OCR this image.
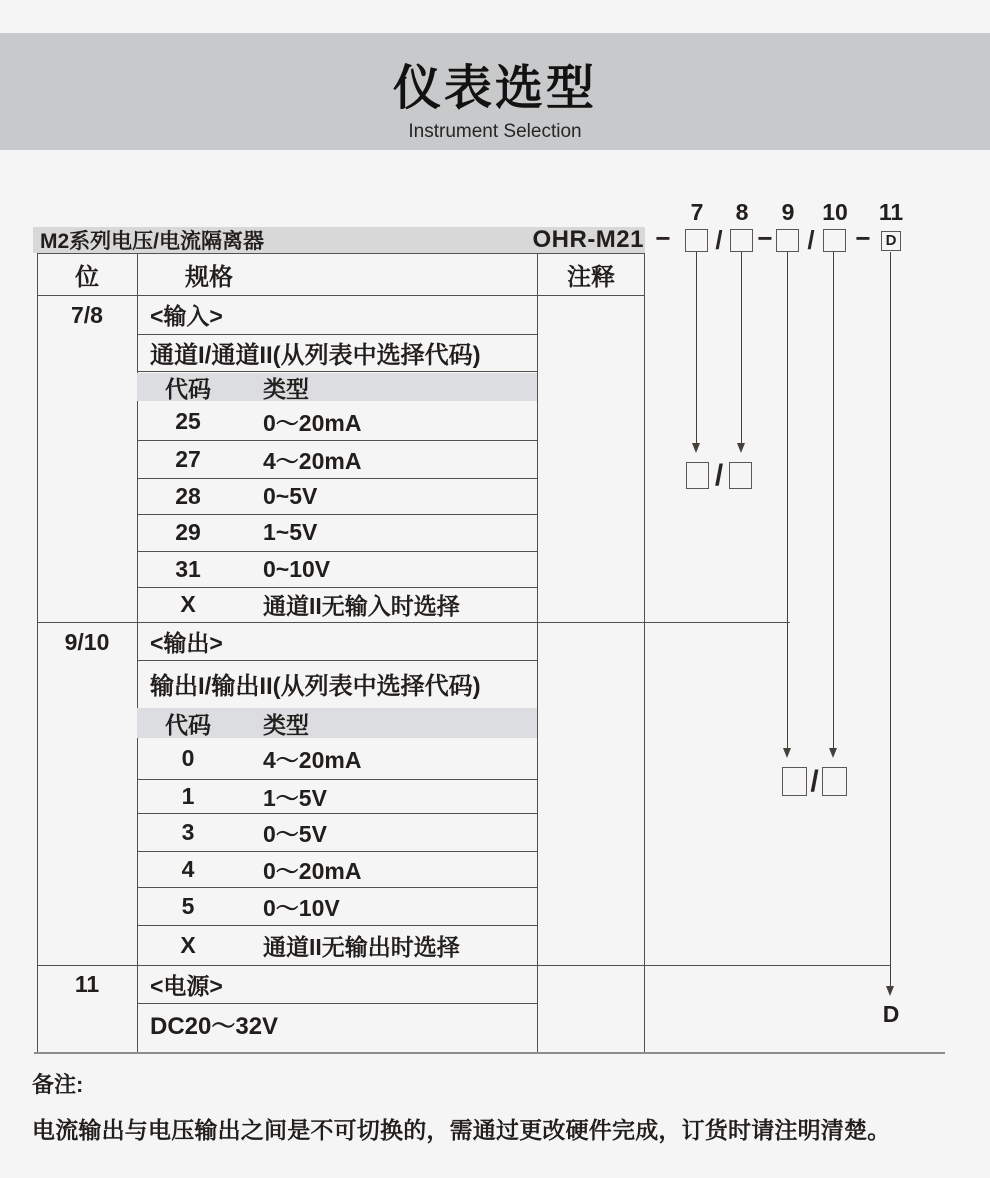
仪表选型
Instrument Selection
M2系列电压/电流隔离器	OHR-M21
7 8 9 10 11
− / −	/	− D
/
/
D
位	规格	注释
7/8	<输入>
通道I/通道II(从列表中选择代码)
代码 类型
25	0～20mA
27	4～20mA
28	0~5V
29	1~5V
31	0~10V
X	通道II无输入时选择
9/10	<输出>
输出I/输出II(从列表中选择代码)
代码 类型
0	4～20mA
1	1～5V
3	0～5V
4	0～20mA
5	0～10V
X	通道II无输出时选择
11	<电源>
DC20～32V
备注:
电流输出与电压输出之间是不可切换的，需通过更改硬件完成，订货时请注明清楚。
